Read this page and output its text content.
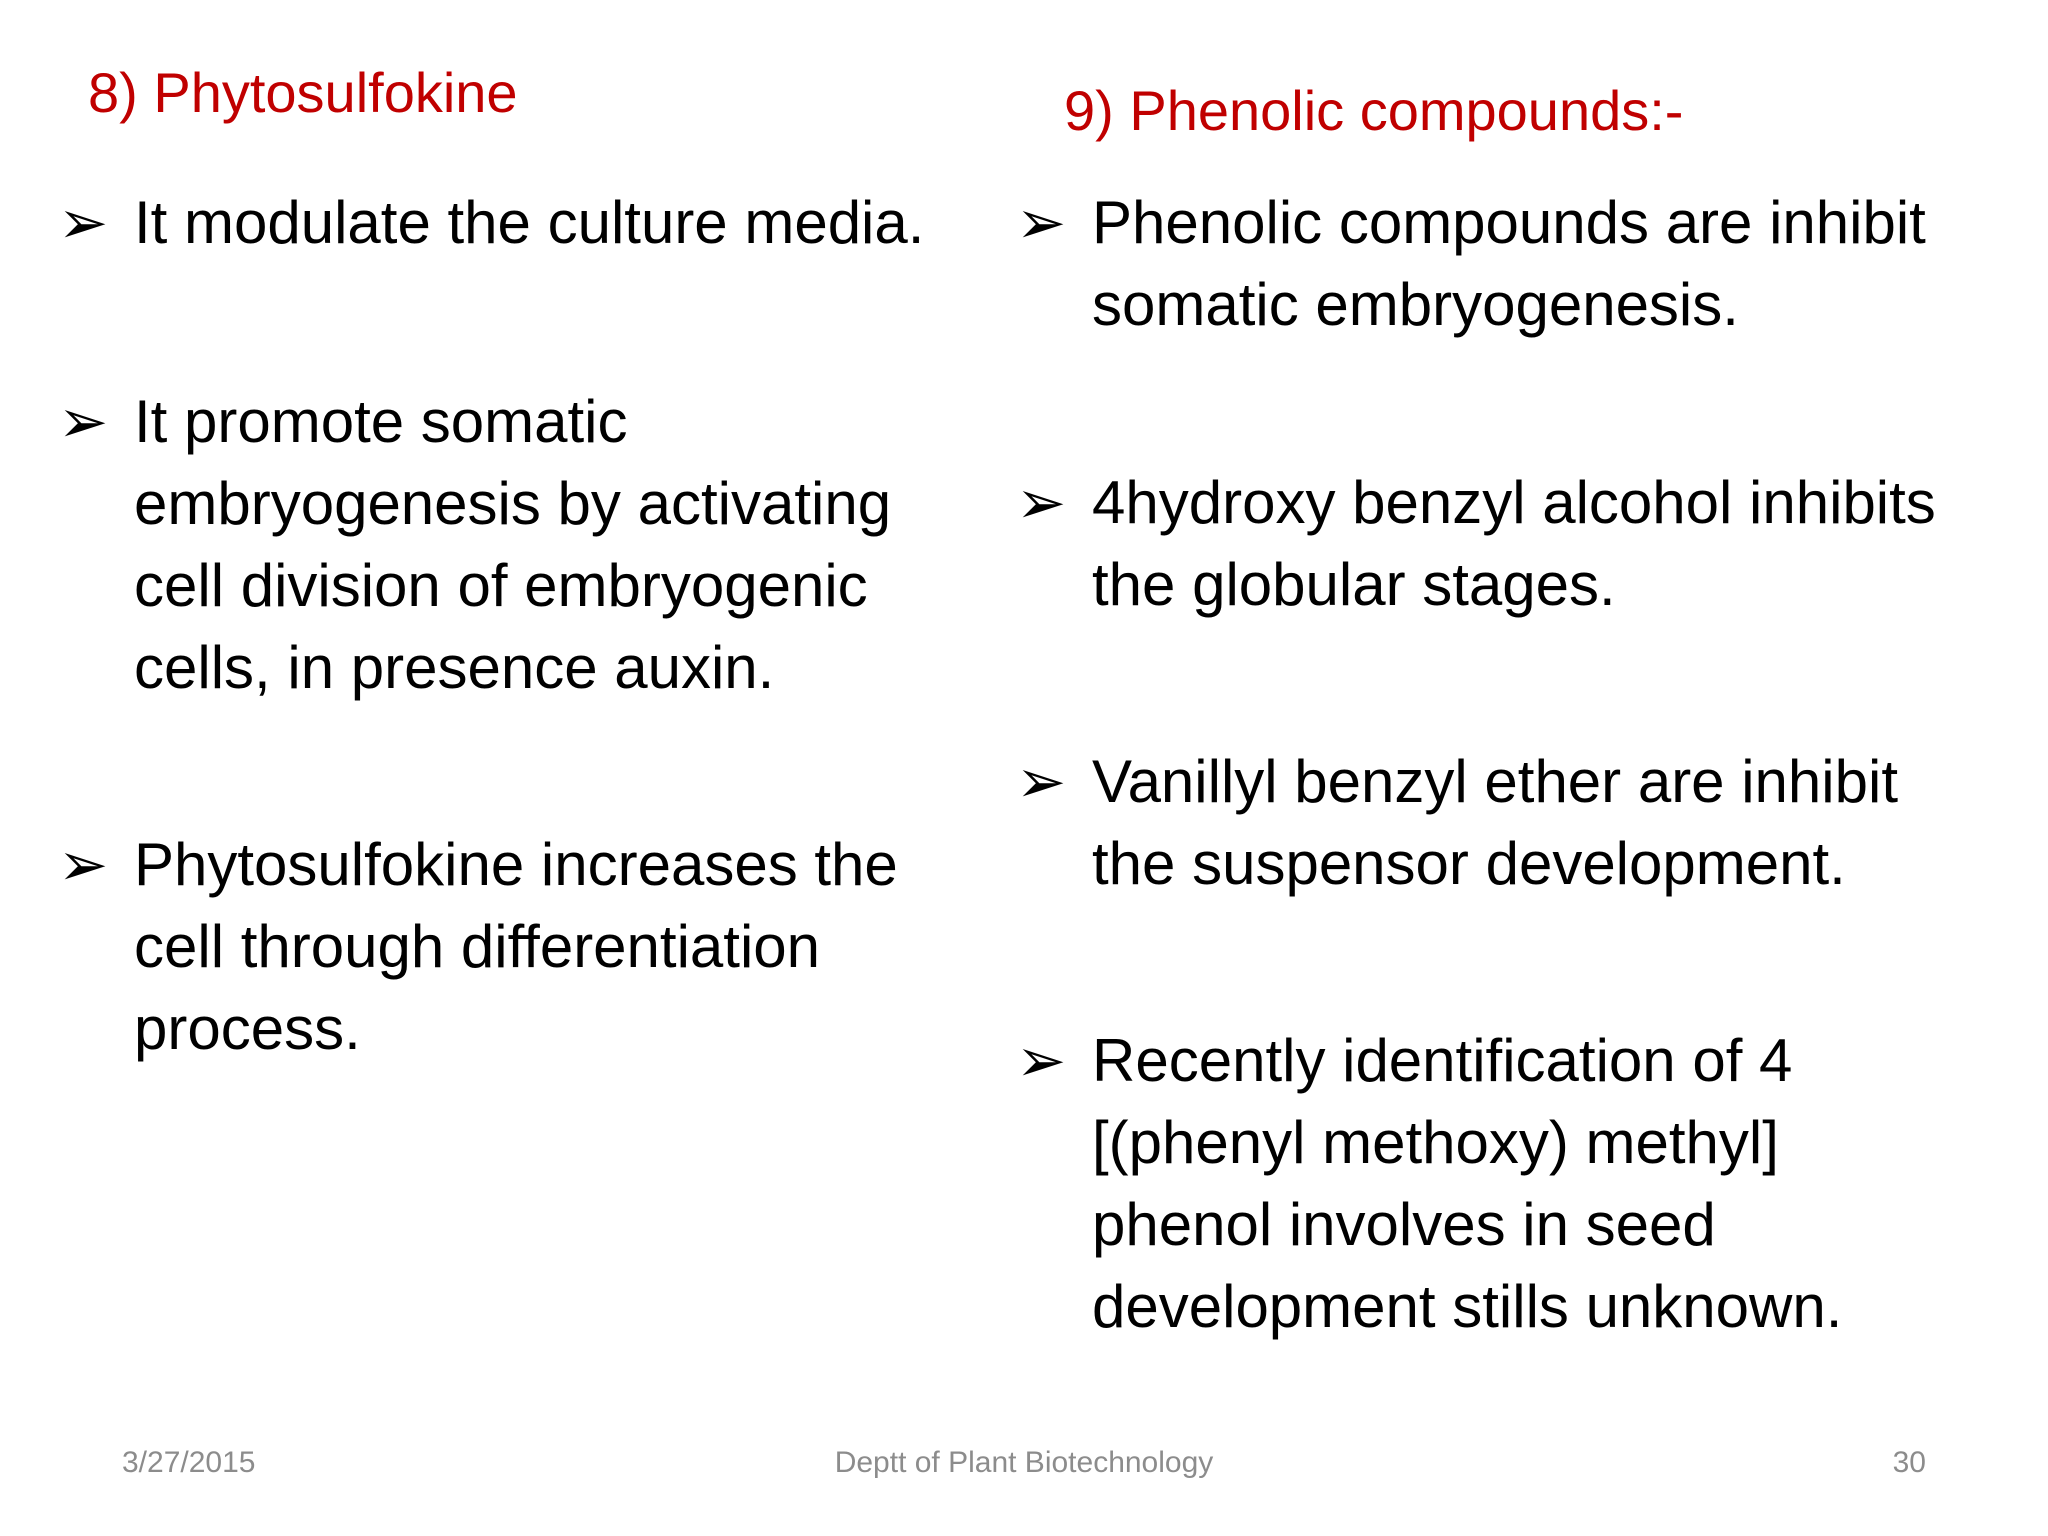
8) Phytosulfokine	9) Phenolic compounds:-
➢ It modulate the culture media.
➢ It promote somatic
embryogenesis by activating
cell division of embryogenic
cells, in presence auxin.
➢ Phytosulfokine increases the
cell through differentiation
process.
➢ Phenolic compounds are inhibit
somatic embryogenesis.
➢ 4hydroxy benzyl alcohol inhibits
the globular stages.
➢ Vanillyl benzyl ether are inhibit
the suspensor development.
➢ Recently identification of 4
[(phenyl methoxy) methyl]
phenol involves in seed
development stills unknown.
3/27/2015	Deptt of Plant Biotechnology	30
